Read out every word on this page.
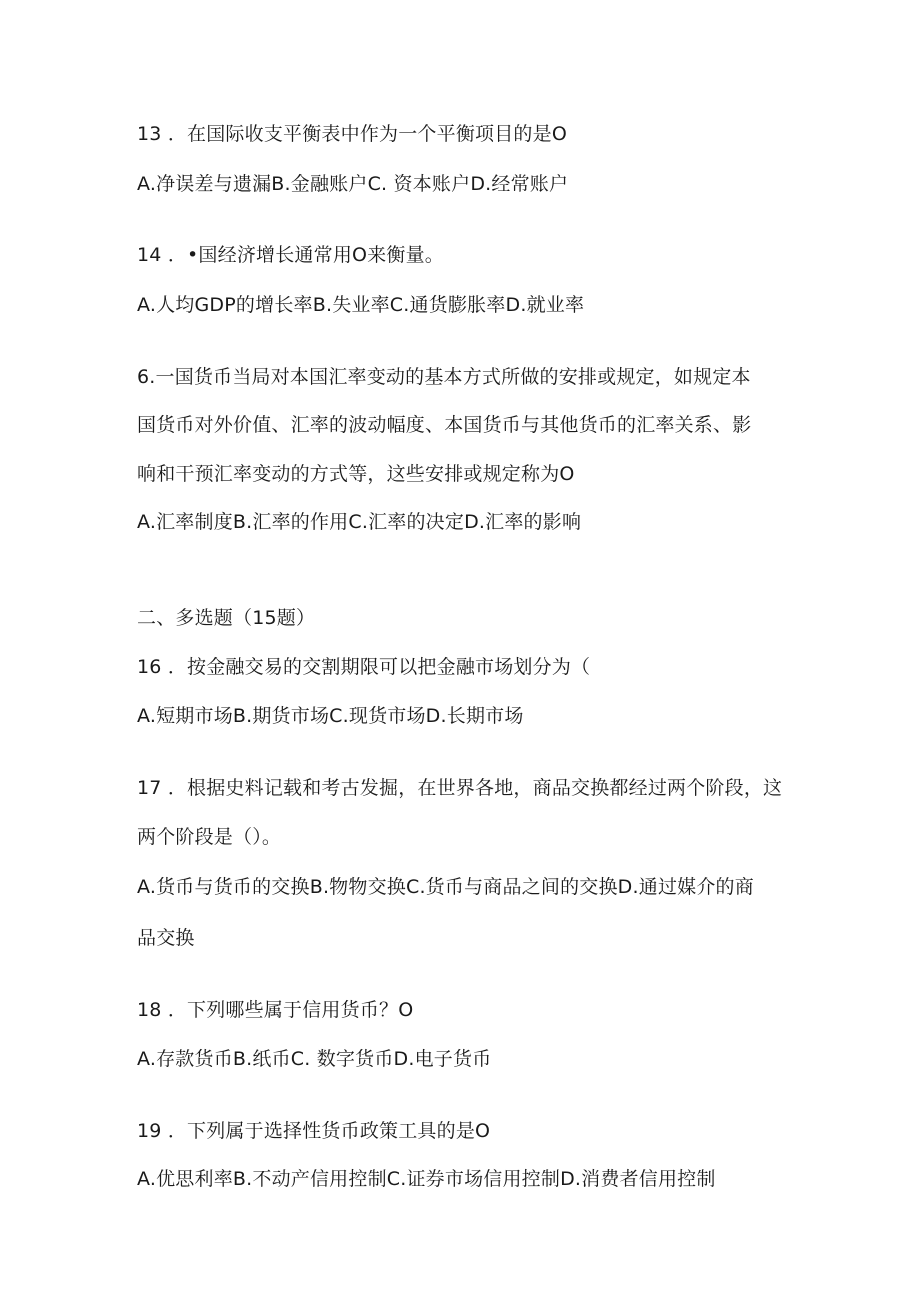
13 ．在国际收支平衡表中作为一个平衡项目的是O
A.净误差与遗漏B.金融账户C. 资本账户D.经常账户
14 ．•国经济增长通常用O来衡量。
A.人均GDP的增长率B.失业率C.通货膨胀率D.就业率
6.一国货币当局对本国汇率变动的基本方式所做的安排或规定，如规定本
国货币对外价值、汇率的波动幅度、本国货币与其他货币的汇率关系、影
响和干预汇率变动的方式等，这些安排或规定称为O
A.汇率制度B.汇率的作用C.汇率的决定D.汇率的影响
二、多选题（15题）
16 ．按金融交易的交割期限可以把金融市场划分为（
A.短期市场B.期货市场C.现货市场D.长期市场
17 ．根据史料记载和考古发掘，在世界各地，商品交换都经过两个阶段，这
两个阶段是（）。
A.货币与货币的交换B.物物交换C.货币与商品之间的交换D.通过媒介的商
品交换
18 ．下列哪些属于信用货币？O
A.存款货币B.纸币C. 数字货币D.电子货币
19 ．下列属于选择性货币政策工具的是O
A.优思利率B.不动产信用控制C.证券市场信用控制D.消费者信用控制
